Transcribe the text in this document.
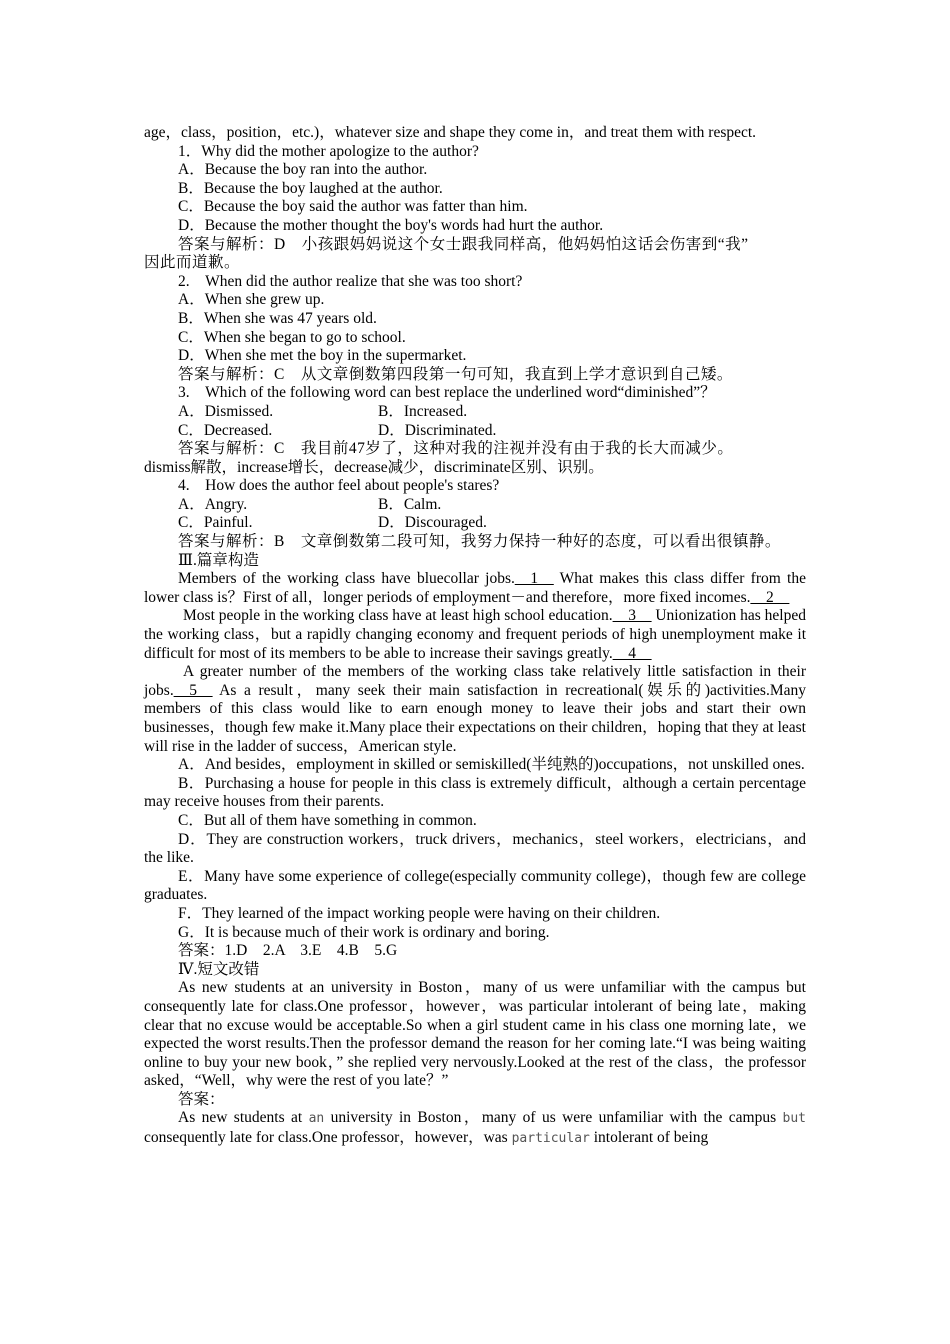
age，class，position，etc.)，whatever size and shape they come in，and treat them with respect.

1．Why did the mother apologize to the author?

A．Because the boy ran into the author.

B．Because the boy laughed at the author.

C．Because the boy said the author was fatter than him.

D．Because the mother thought the boy's words had hurt the author.

答案与解析：D　小孩跟妈妈说这个女士跟我同样高，他妈妈怕这话会伤害到“我”

因此而道歉。

2.　When did the author realize that she was too short?

A．When she grew up.

B．When she was 47 years old.

C．When she began to go to school.

D．When she met the boy in the supermarket.

答案与解析：C　从文章倒数第四段第一句可知，我直到上学才意识到自己矮。

3.　Which of the following word can best replace the underlined word“diminished”？

A．Dismissed.	B．Increased.
C．Decreased.	D．Discriminated.

答案与解析：C　我目前47岁了，这种对我的注视并没有由于我的长大而减少。

dismiss解散，increase增长，decrease减少，discriminate区别、识别。

4.　How does the author feel about people's stares?

A．Angry.	B．Calm.
C．Painful.	D．Discouraged.

答案与解析：B　文章倒数第二段可知，我努力保持一种好的态度，可以看出很镇静。

Ⅲ.篇章构造

Members of the working class have bluecollar jobs.__1__ What makes this class differ from the lower class is？First of all，longer periods of employment－and therefore，more fixed incomes.__2__

Most people in the working class have at least high school education.__3__ Unionization has helped the working class，but a rapidly changing economy and frequent periods of high unemployment make it difficult for most of its members to be able to increase their savings greatly.__4__

A greater number of the members of the working class take relatively little satisfaction in their jobs.__5__ As a result，many seek their main satisfaction in recreational(娱乐的)activities.Many members of this class would like to earn enough money to leave their jobs and start their own businesses，though few make it.Many place their expectations on their children，hoping that they at least will rise in the ladder of success，American style.

A．And besides，employment in skilled or semiskilled(半纯熟的)occupations，not unskilled ones.

B．Purchasing a house for people in this class is extremely difficult，although a certain percentage may receive houses from their parents.

C．But all of them have something in common.

D．They are construction workers，truck drivers，mechanics，steel workers，electricians，and the like.

E．Many have some experience of college(especially community college)，though few are college graduates.

F．They learned of the impact working people were having on their children.

G．It is because much of their work is ordinary and boring.

答案：1.D　2.A　3.E　4.B　5.G

Ⅳ.短文改错

As new students at an university in Boston，many of us were unfamiliar with the campus but consequently late for class.One professor，however，was particular intolerant of being late，making clear that no excuse would be acceptable.So when a girl student came in his class one morning late，we expected the worst results.Then the professor demand the reason for her coming late.“I was being waiting online to buy your new book，” she replied very nervously.Looked at the rest of the class，the professor asked，“Well，why were the rest of you late？”

答案：

As new students at an university in Boston，many of us were unfamiliar with the campus but consequently late for class.One professor，however，was particular intolerant of being
